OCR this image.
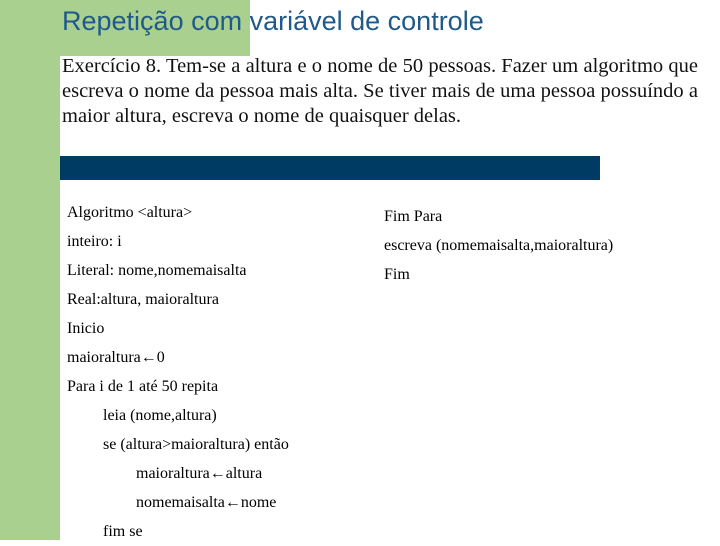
Repetição com variável de controle
Exercício 8. Tem-se a altura e o nome de 50 pessoas. Fazer um algoritmo que escreva o nome da pessoa mais alta. Se tiver mais de uma pessoa possuíndo a maior altura, escreva o nome de quaisquer delas.
Algoritmo <altura>
inteiro: i
Literal: nome,nomemaisalta
Real:altura, maioraltura
Inicio
maioraltura←0
Para i de 1 até 50 repita
leia (nome,altura)
se (altura>maioraltura) então
maioraltura←altura
nomemaisalta←nome
fim se
Fim Para
escreva (nomemaisalta,maioraltura)
Fim
